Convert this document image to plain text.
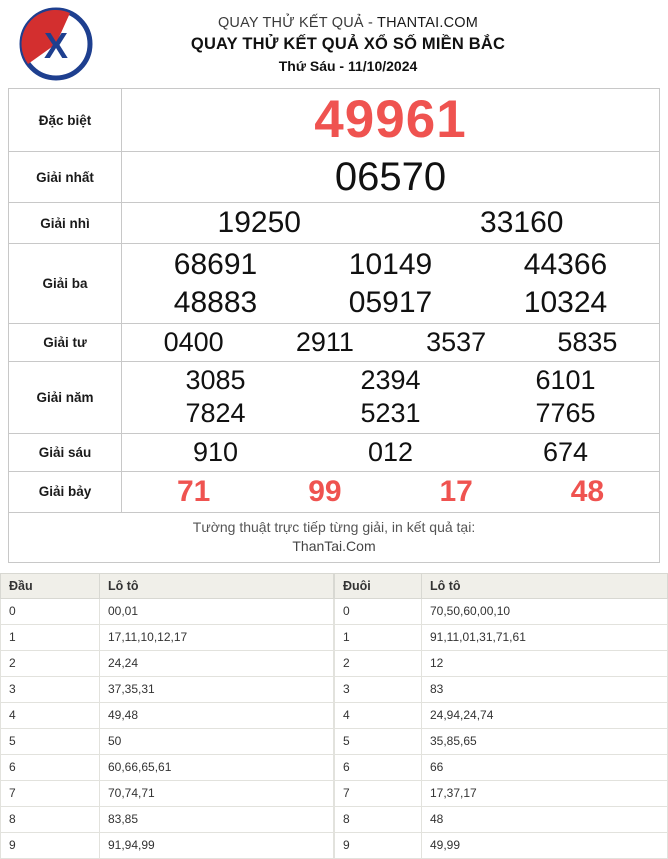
X
QUAY THỬ KẾT QUẢ - THANTAI.COM
QUAY THỬ KẾT QUẢ XỔ SỐ MIỀN BẮC
Thứ Sáu - 11/10/2024
Đặc biệt	49961

Giải nhất	06570

Giải nhì	19250 33160

Giải ba	
68691	10149	44366
48883	05917	10324

Giải tư	0400 2911 3537 5835

Giải năm	
3085	2394	6101
7824	5231	7765

Giải sáu	910 012 674

Giải bảy	71 99 17 48

Tường thuật trực tiếp từng giải, in kết quả tại:
ThanTai.Com	
Đầu	Lô tô
0	00,01
1	17,11,10,12,17
2	24,24
3	37,35,31
4	49,48
5	50
6	60,66,65,61
7	70,74,71
8	83,85
9	91,94,99
Đuôi	Lô tô
0	70,50,60,00,10
1	91,11,01,31,71,61
2	12
3	83
4	24,94,24,74
5	35,85,65
6	66
7	17,37,17
8	48
9	49,99
